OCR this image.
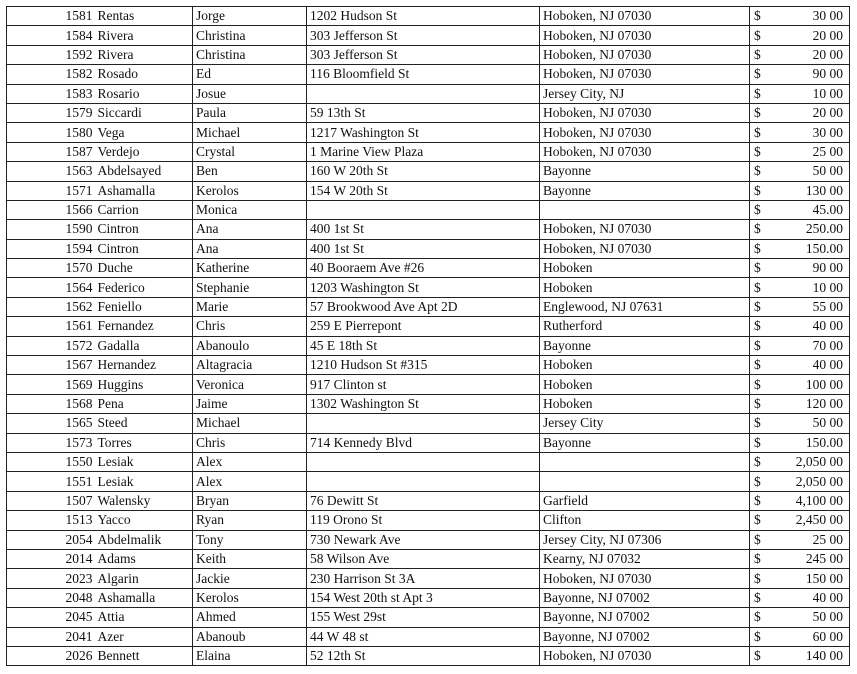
1581	Rentas	Jorge	1202 Hudson St	Hoboken, NJ 07030	$	30 00
1584	Rivera	Christina	303 Jefferson St	Hoboken, NJ 07030	$	20 00
1592	Rivera	Christina	303 Jefferson St	Hoboken, NJ 07030	$	20 00
1582	Rosado	Ed	116 Bloomfield St	Hoboken, NJ 07030	$	90 00
1583	Rosario	Josue		Jersey City, NJ	$	10 00
1579	Siccardi	Paula	59 13th St	Hoboken, NJ 07030	$	20 00
1580	Vega	Michael	1217 Washington St	Hoboken, NJ 07030	$	30 00
1587	Verdejo	Crystal	1 Marine View Plaza	Hoboken, NJ 07030	$	25 00
1563	Abdelsayed	Ben	160 W 20th St	Bayonne	$	50 00
1571	Ashamalla	Kerolos	154 W 20th St	Bayonne	$	130 00
1566	Carrion	Monica			$	45.00
1590	Cintron	Ana	400 1st St	Hoboken, NJ 07030	$	250.00
1594	Cintron	Ana	400 1st St	Hoboken, NJ 07030	$	150.00
1570	Duche	Katherine	40 Booraem Ave #26	Hoboken	$	90 00
1564	Federico	Stephanie	1203 Washington St	Hoboken	$	10 00
1562	Feniello	Marie	57 Brookwood Ave Apt 2D	Englewood, NJ 07631	$	55 00
1561	Fernandez	Chris	259 E Pierrepont	Rutherford	$	40 00
1572	Gadalla	Abanoulo	45 E 18th St	Bayonne	$	70 00
1567	Hernandez	Altagracia	1210 Hudson St #315	Hoboken	$	40 00
1569	Huggins	Veronica	917 Clinton st	Hoboken	$	100 00
1568	Pena	Jaime	1302 Washington St	Hoboken	$	120 00
1565	Steed	Michael		Jersey City	$	50 00
1573	Torres	Chris	714 Kennedy Blvd	Bayonne	$	150.00
1550	Lesiak	Alex			$	2,050 00
1551	Lesiak	Alex			$	2,050 00
1507	Walensky	Bryan	76 Dewitt St	Garfield	$	4,100 00
1513	Yacco	Ryan	119 Orono St	Clifton	$	2,450 00
2054	Abdelmalik	Tony	730 Newark Ave	Jersey City, NJ 07306	$	25 00
2014	Adams	Keith	58 Wilson Ave	Kearny, NJ 07032	$	245 00
2023	Algarin	Jackie	230 Harrison St 3A	Hoboken, NJ 07030	$	150 00
2048	Ashamalla	Kerolos	154 West 20th st Apt 3	Bayonne, NJ 07002	$	40 00
2045	Attia	Ahmed	155 West 29st	Bayonne, NJ 07002	$	50 00
2041	Azer	Abanoub	44 W 48 st	Bayonne, NJ 07002	$	60 00
2026	Bennett	Elaina	52 12th St	Hoboken, NJ 07030	$	140 00
